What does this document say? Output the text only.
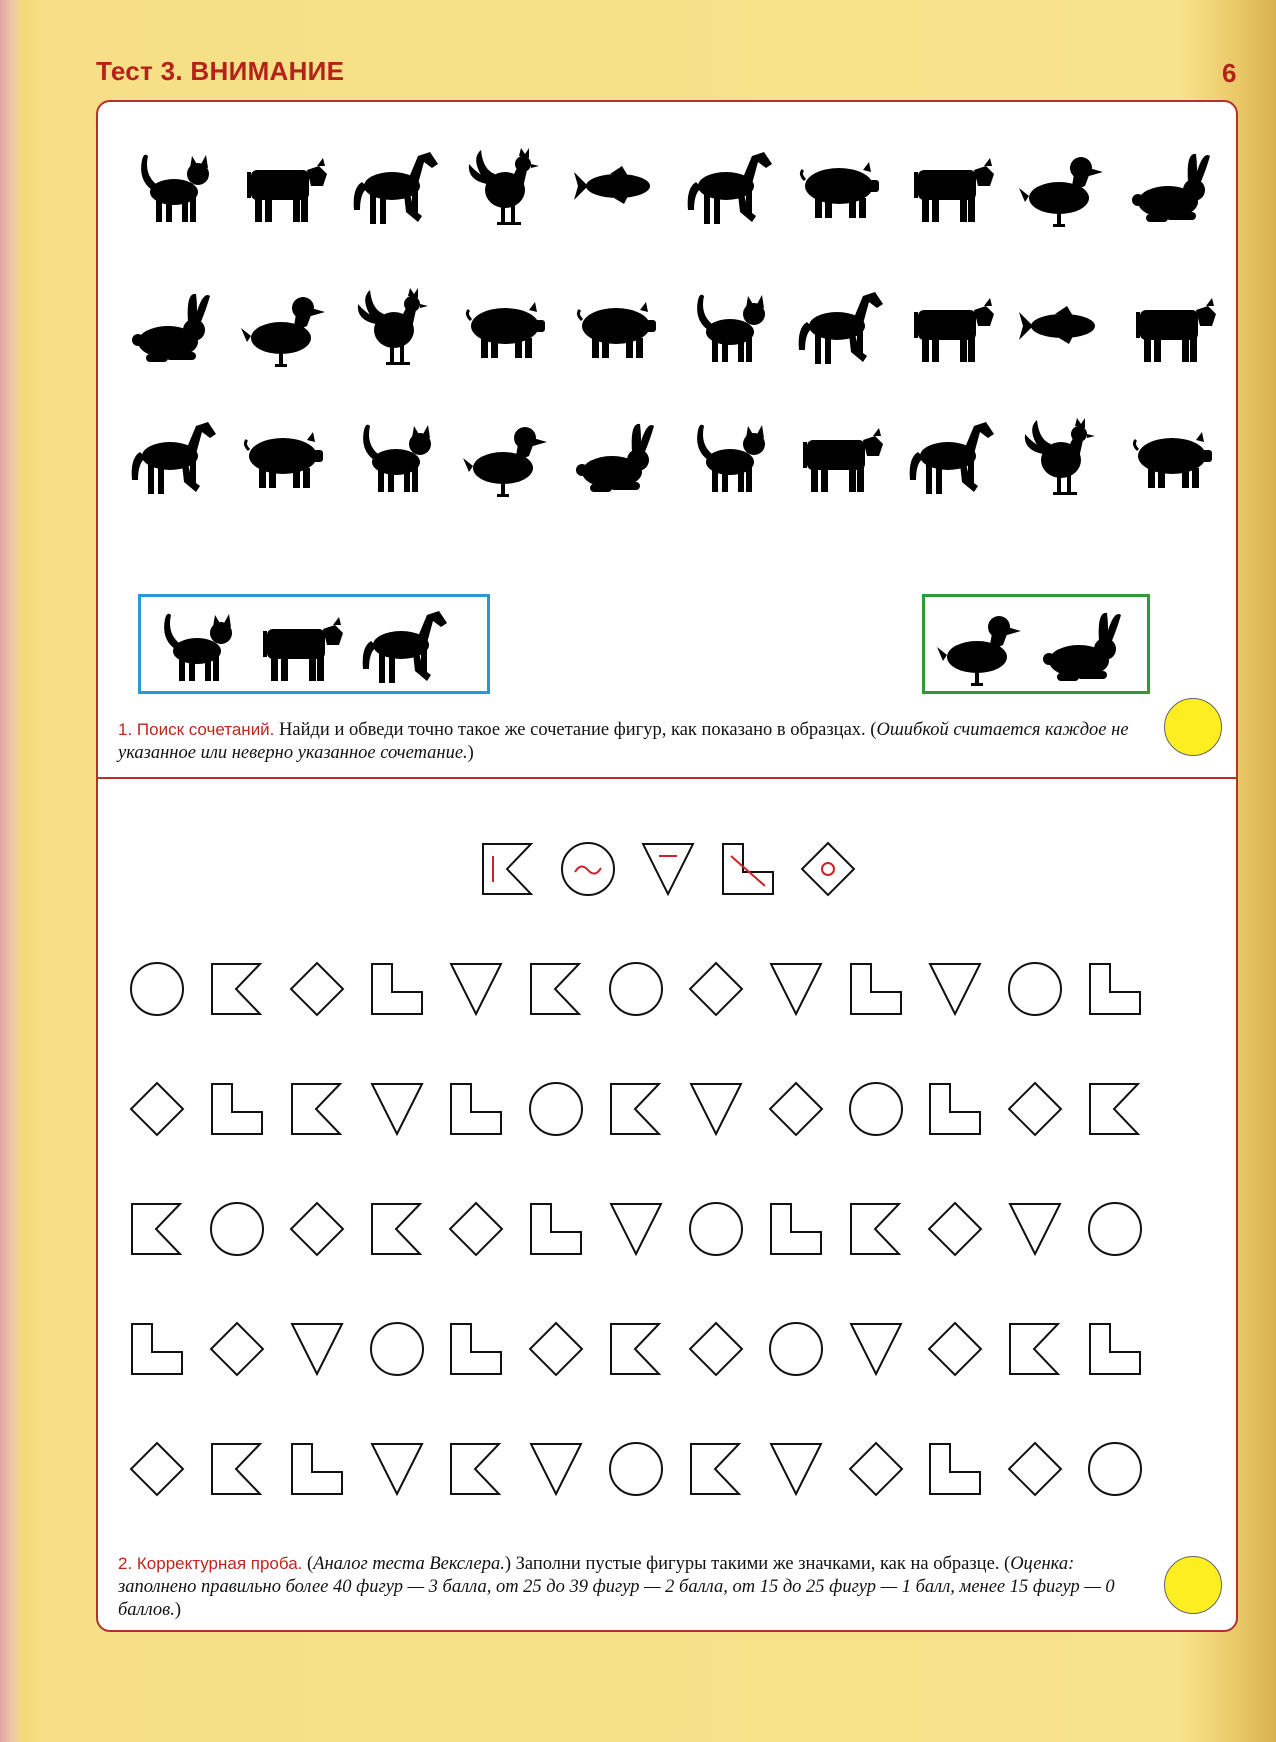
Тест 3. ВНИМАНИЕ	6
1. Поиск сочетаний. Найди и обведи точно такое же сочетание фигур, как показано в образцах. (Ошибкой считается каждое не указанное или неверно указанное сочетание.)
2. Корректурная проба. (Аналог теста Векслера.) Заполни пустые фигуры такими же значками, как на образце. (Оценка: заполнено правильно более 40 фигур — 3 балла, от 25 до 39 фигур — 2 балла, от 15 до 25 фигур — 1 балл, менее 15 фигур — 0 баллов.)
